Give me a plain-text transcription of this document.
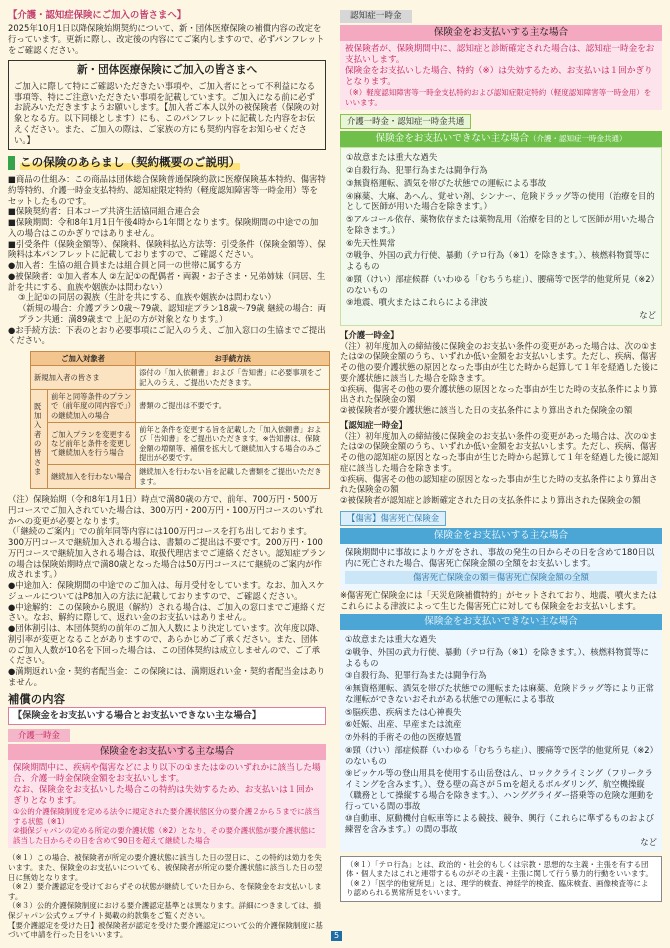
【介護・認知症保険にご加入の皆さまへ】

2025年10月1日以降保険始期契約について、新・団体医療保険の補償内容の改定を行っています。更新に際し、改定後の内容にてご案内しますので、必ずパンフレットをご確認ください。

新・団体医療保険にご加入の皆さまへ

ご加入に際して特にご確認いただきたい事項や、ご加入者にとって不利益になる事項等、特にご注意いただきたい事項を記載しています。ご加入になる前に必ずお読みいただきますようお願いします。【加入者ご本人以外の被保険者（保険の対象となる方。以下同様とします）にも、このパンフレットに記載した内容をお伝えください。また、ご加入の際は、ご家族の方にも契約内容をお知らせください。】

この保険のあらまし（契約概要のご説明）

■商品の仕組み：この商品は団体総合保険普通保険約款に医療保険基本特約、傷害特約等特約、介護一時金支払特約、認知症限定特約（軽度認知障害等一時金用）等をセットしたものです。

■保険契約者：日本コープ共済生活協同組合連合会

■保険期間：令和8年1月1日午後4時から1年間となります。保険期間の中途での加入の場合はこのかぎりではありません。

■引受条件（保険金額等）、保険料、保険料払込方法等：引受条件（保険金額等）、保険料は本パンフレットに記載しておりますので、ご確認ください。

●加入者：生協の組合員または組合員と同一の世帯に属する方

●被保険者：①加入者本人 ②左記①の配偶者・両親・お子さま・兄弟姉妹（同居、生計を共にする、血族や姻族かは問わない）

③上記①の同居の親族（生計を共にする、血族や姻族かは問わない）

（新規の場合：介護プラン0歳～79歳、認知症プラン18歳～79歳 継続の場合：両プラン共通：満89歳まで 上記の方が対象となります。）

●お手続方法：下表のとおり必要事項にご記入のうえ、ご加入窓口の生協までご提出ください。

ご加入対象者		お手続方法
新規加入者の皆さま		添付の「加入依頼書」および「告知書」に必要事項をご記入のうえ、ご提出いただきます。
既加入者の皆さま	前年と同等条件のプランで（前年度の同内容で」）の継続加入の場合	書類のご提出は不要です。
	ご加入プランを変更するなど前年と条件を変更して継続加入を行う場合	前年と条件を変更する旨を記載した「加入依頼書」および「告知書」をご提出いただきます。※告知書は、保険金額の増額等、補償を拡大して継続加入する場合のみご提出が必要です。
	継続加入を行わない場合	継続加入を行わない旨を記載した書類をご提出いただきます。

（注）保険始期（令和8年1月1日）時点で満80歳の方で、前年、700万円・500万円コースでご加入されていた場合は、300万円・200万円・100万円コースのいずれかへの変更が必要となります。

（「継続のご案内」での前年同等内容には100万円コースを打ち出しております。300万円コースで継続加入される場合は、書類のご提出は不要です。200万円・100万円コースで継続加入される場合は、取扱代理店までご連絡ください。認知症プランの場合は保険始期時点で満80歳となった場合は50万円コースにて継続のご案内が作成されます。）

●中途加入：保険期間の中途でのご加入は、毎月受付をしています。なお、加入スケジュールについてはP8加入の方法に記載しておりますので、ご確認ください。

●中途解約：この保険から脱退（解約）される場合は、ご加入の窓口までご連絡ください。なお、解約に際して、返れい金のお支払いはありません。

●団体割引は、本団体契約の前年のご加入人数により決定しています。次年度以降、割引率が変更となることがありますので、あらかじめご了承ください。また、団体のご加入人数が10名を下回った場合は、この団体契約は成立しませんので、ご了承ください。

●満期返れい金・契約者配当金：この保険には、満期返れい金・契約者配当金はありません。

補償の内容

【保険金をお支払いする場合とお支払いできない主な場合】
介護一時金
保険金をお支払いする主な場合

保険期間中に、疾病や傷害などにより以下の①または②のいずれかに該当した場合、介護一時金保険金額をお支払いします。

なお、保険金をお支払いした場合この特約は失効するため、お支払いは１回かぎりとなります。

①公的介護保険制度を定める法令に規定された要介護状態区分の要介護２から５までに該当する状態（※1）

②損保ジャパンの定める所定の要介護状態（※2）となり、その要介護状態が要介護状態に該当した日からその日を含めて90日を超えて継続した場合

（※１）この場合、被保険者が所定の要介護状態に該当した日の翌日に、この特約は効力を失います。また、保険金のお支払いについても、被保険者が所定の要介護状態に該当した日の翌日に無効となります。

（※２）要介護認定を受けておらずその状態が継続していた日から、を保険金をお支払いします。

（※３）公的介護保険制度における要介護認定基準とは異なります。詳細につきましては、損保ジャパン公式ウェブサイト掲載の約款集をご覧ください。

【要介護認定を受けた日】被保険者が認定を受けた要介護認定について公的介護保険制度に基づいて申請を行った日をいいます。

認知症一時金
保険金をお支払いする主な場合

被保険者が、保険期間中に、認知症と診断確定された場合は、認知症一時金をお支払いします。

保険金をお支払いした場合、特約（※）は失効するため、お支払いは１回かぎりとなります。

（※）軽度認知障害等一時金支払特約および認知症限定特約（軽度認知障害等一時金用）をいいます。

介護一時金・認知症一時金共通
保険金をお支払いできない主な場合（介護・認知症一時金共通）

①故意または重大な過失

②自殺行為、犯罪行為または闘争行為

③無資格運転、酒気を帯びた状態での運転による事故

④麻薬、大麻、あへん、覚せい剤、シンナー、危険ドラッグ等の使用（治療を目的として医師が用いた場合を除きます。）

⑤アルコール依存、薬物依存または薬物乱用（治療を目的として医師が用いた場合を除きます。）

⑥先天性異常

⑦戦争、外国の武力行使、暴動（テロ行為（※1）を除きます。）、核燃料物質等によるもの

⑧頸（けい）部症候群（いわゆる「むちうち症」）、腰痛等で医学的他覚所見（※2）のないもの

⑨地震、噴火またはこれらによる津波

など

【介護一時金】

（注）初年度加入の締結後に保険金のお支払い条件の変更があった場合は、次の①または②の保険金額のうち、いずれか低い金額をお支払いします。ただし、疾病、傷害その他の要介護状態の原因となった事由が生じた時から起算して１年を経過した後に要介護状態に該当した場合を除きます。

①疾病、傷害その他の要介護状態の原因となった事由が生じた時の支払条件により算出された保険金の額

②被保険者が要介護状態に該当した日の支払条件により算出された保険金の額

【認知症一時金】

（注）初年度加入の締結後に保険金のお支払い条件の変更があった場合は、次の①または②の保険金額のうち、いずれか低い金額をお支払いします。ただし、疾病、傷害その他の認知症の原因となった事由が生じた時から起算して１年を経過した後に認知症に該当した場合を除きます。

①疾病、傷害その他の認知症の原因となった事由が生じた時の支払条件により算出された保険金の額

②被保険者が認知症と診断確定された日の支払条件により算出された保険金の額

【傷害】傷害死亡保険金
保険金をお支払いする主な場合

保険期間中に事故によりケガをされ、事故の発生の日からその日を含めて180日以内に死亡された場合、傷害死亡保険金額の全額をお支払いします。

傷害死亡保険金の額＝傷害死亡保険金額の全額

※傷害死亡保険金には「天災危険補償特約」がセットされており、地震、噴火またはこれらによる津波によって生じた傷害死亡に対しても保険金をお支払いします。

保険金をお支払いできない主な場合

①故意または重大な過失

②戦争、外国の武力行使、暴動（テロ行為（※1）を除きます。）、核燃料物質等によるもの

③自殺行為、犯罪行為または闘争行為

④無資格運転、酒気を帯びた状態での運転または麻薬、危険ドラッグ等により正常な運転ができないおそれがある状態での運転による事故

⑤脳疾患、疾病または心神喪失

⑥妊娠、出産、早産または流産

⑦外科的手術その他の医療処置

⑧頸（けい）部症候群（いわゆる「むちうち症」）、腰痛等で医学的他覚所見（※2）のないもの

⑨ピッケル等の登山用具を使用する山岳登はん、ロッククライミング（フリークライミングを含みます。）、登る壁の高さが５ｍを超えるボルダリング、航空機操縦（職務として操縦する場合を除きます。）、ハンググライダー搭乗等の危険な運動を行っている間の事故

⑩自動車、原動機付自転車等による競技、競争、興行（これらに準ずるものおよび練習を含みます。）の間の事故

など

（※１）「テロ行為」とは、政治的・社会的もしくは宗教・思想的な主義・主張を有する団体・個人またはこれと連帯するものがその主義・主張に関して行う暴力的行動をいいます。

（※２）「医学的他覚所見」とは、理学的検査、神経学的検査、臨床検査、画像検査等により認められる異常所見をいいます。

5
